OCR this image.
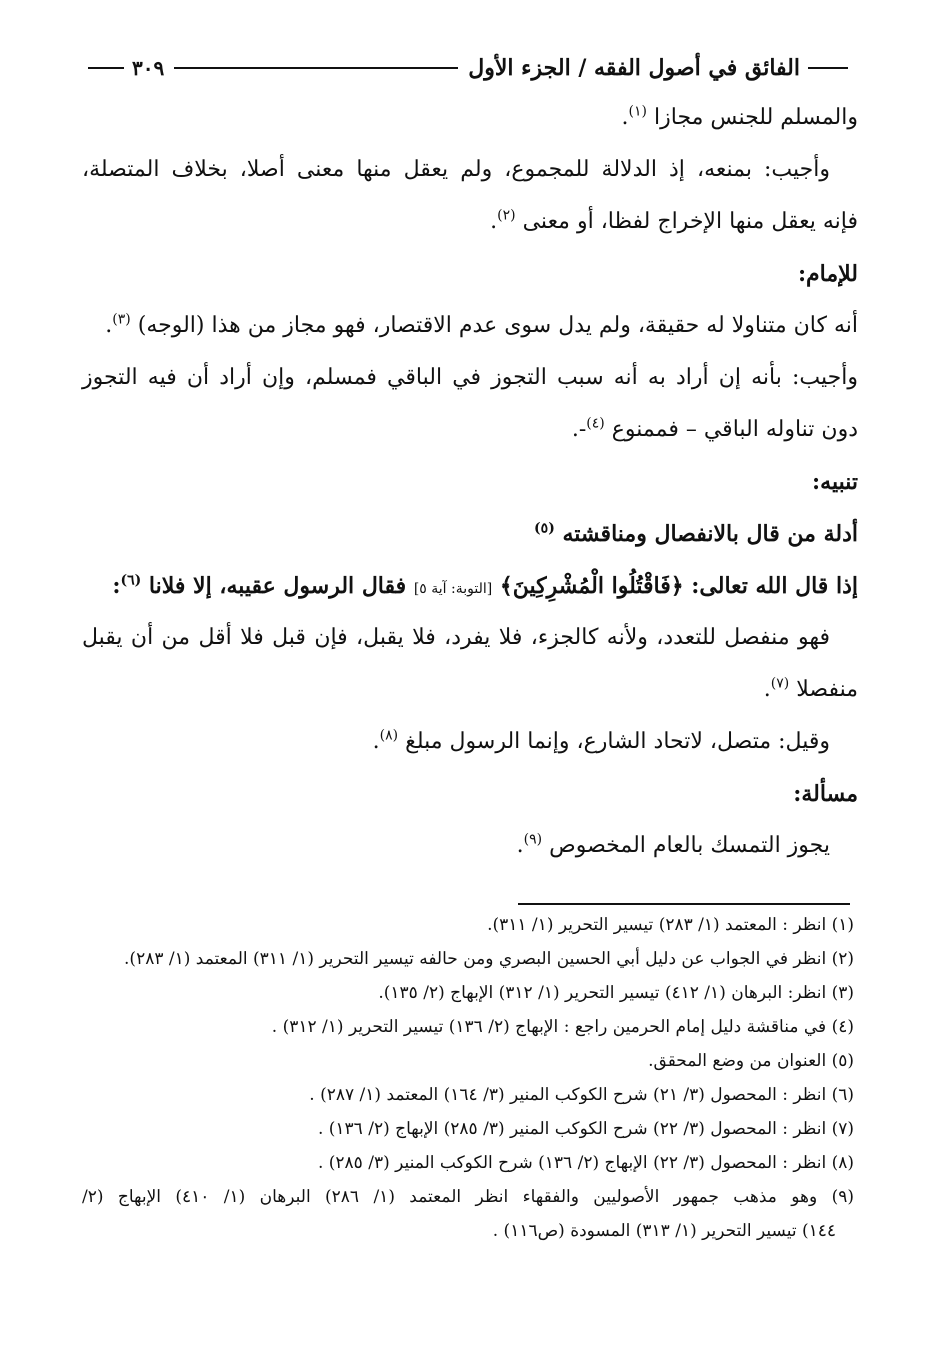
الفائق في أصول الفقه / الجزء الأول
٣٠٩
والمسلم للجنس مجازا $^{(١)}$.
وأجيب: بمنعه، إذ الدلالة للمجموع، ولم يعقل منها معنى أصلا، بخلاف المتصلة،
فإنه يعقل منها الإخراج لفظا، أو معنى $^{(٢)}$.
للإمام:
أنه كان متناولا له حقيقة، ولم يدل سوى عدم الاقتصار، فهو مجاز من هذا (الوجه) $^{(٣)}$.
وأجيب: بأنه إن أراد به أنه سبب التجوز في الباقي فمسلم، وإن أراد أن فيه التجوز
دون تناوله الباقي – فممنوع $^{(٤)}$-.
تنبيه:
أدلة من قال بالانفصال ومناقشته $^{(٥)}$
إذا قال الله تعالى: ﴿فَاقْتُلُوا الْمُشْرِكِينَ﴾ [التوبة: آية ٥] فقال الرسول عقيبه، إلا فلانا $^{(٦)}$:
فهو منفصل للتعدد، ولأنه كالجزء، فلا يفرد، فلا يقبل، فإن قبل فلا أقل من أن يقبل
منفصلا $^{(٧)}$.
وقيل: متصل، لاتحاد الشارع، وإنما الرسول مبلغ $^{(٨)}$.
مسألة:
يجوز التمسك بالعام المخصوص $^{(٩)}$.
(١) انظر : المعتمد (١/ ٢٨٣) تيسير التحرير (١/ ٣١١).
(٢) انظر في الجواب عن دليل أبي الحسين البصري ومن حالفه تيسير التحرير (١/ ٣١١) المعتمد (١/ ٢٨٣).
(٣) انظر: البرهان (١/ ٤١٢) تيسير التحرير (١/ ٣١٢) الإبهاج (٢/ ١٣٥).
(٤) في مناقشة دليل إمام الحرمين راجع : الإبهاج (٢/ ١٣٦) تيسير التحرير (١/ ٣١٢) .
(٥) العنوان من وضع المحقق.
(٦) انظر : المحصول (٣/ ٢١) شرح الكوكب المنير (٣/ ١٦٤) المعتمد (١/ ٢٨٧) .
(٧) انظر : المحصول (٣/ ٢٢) شرح الكوكب المنير (٣/ ٢٨٥) الإبهاج (٢/ ١٣٦) .
(٨) انظر : المحصول (٣/ ٢٢) الإبهاج (٢/ ١٣٦) شرح الكوكب المنير (٣/ ٢٨٥) .
(٩) وهو مذهب جمهور الأصوليين والفقهاء انظر المعتمد (١/ ٢٨٦) البرهان (١/ ٤١٠) الإبهاج (٢/
١٤٤) تيسير التحرير (١/ ٣١٣) المسودة (ص١١٦) .
